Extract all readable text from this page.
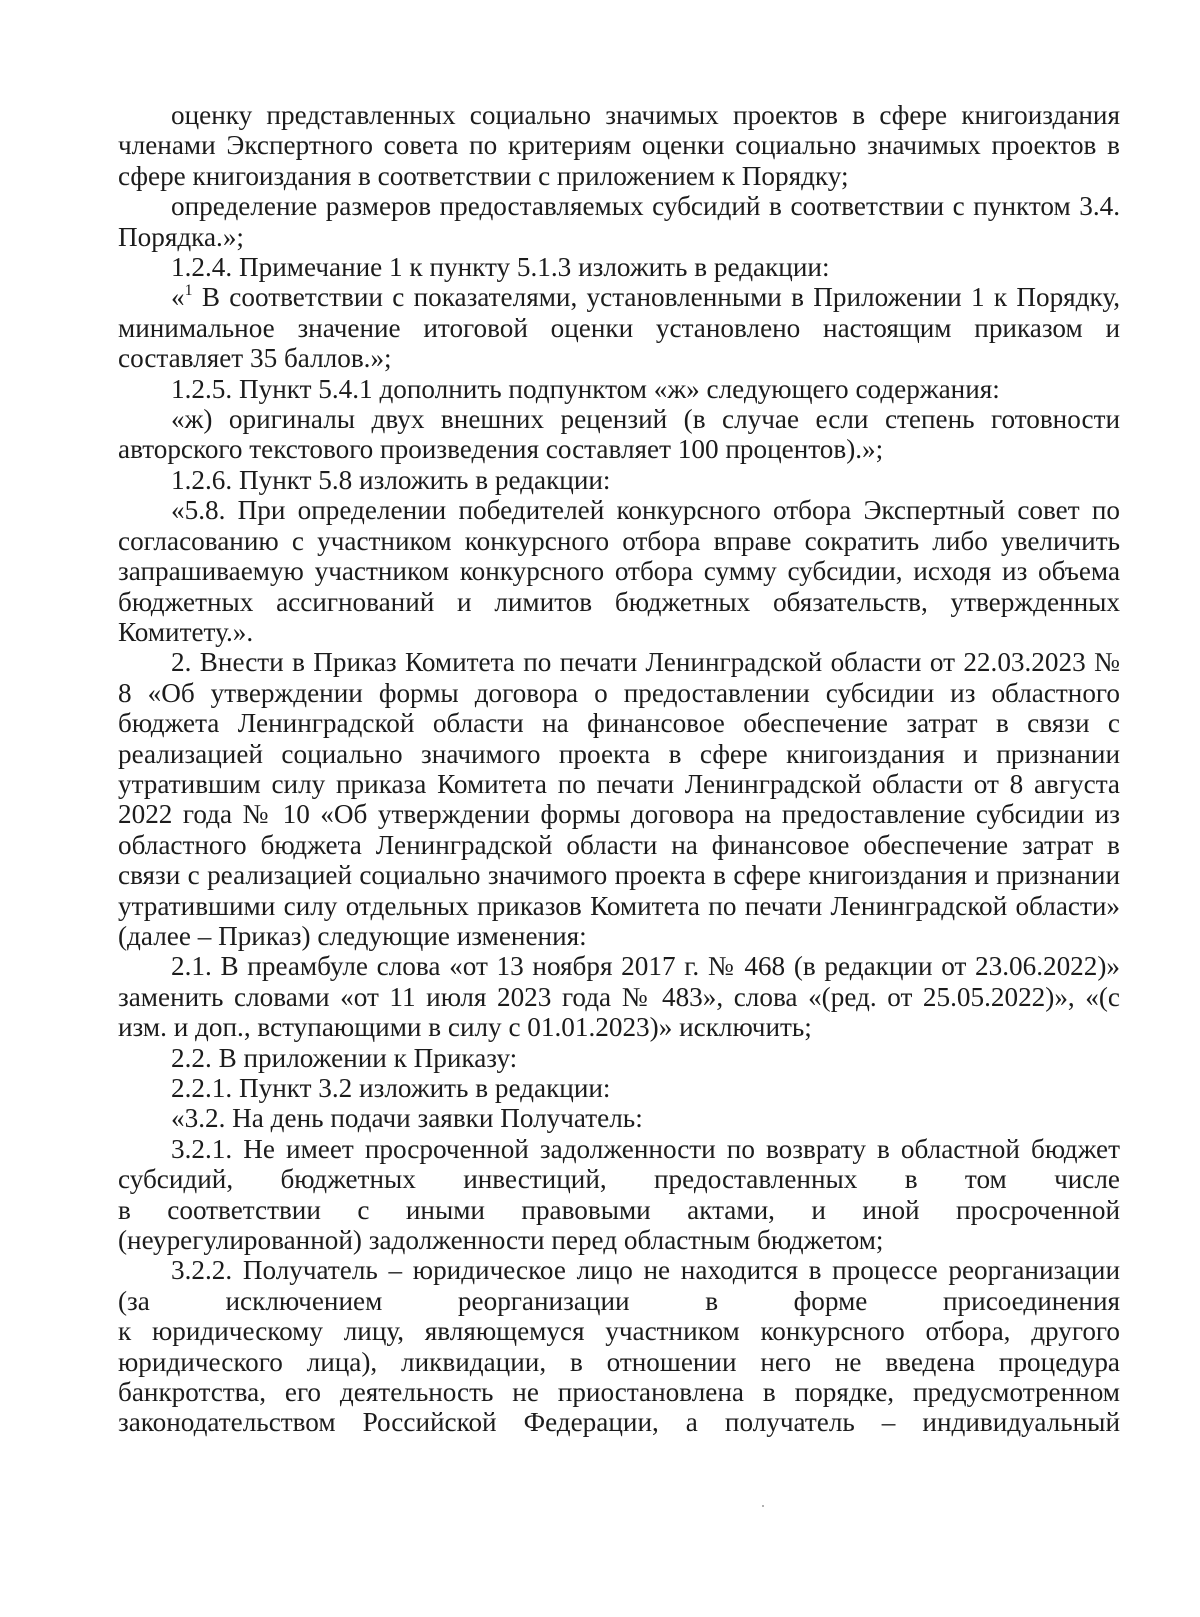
оценку представленных социально значимых проектов в сфере книгоиздания членами Экспертного совета по критериям оценки социально значимых проектов в сфере книгоиздания в соответствии с приложением к Порядку;

определение размеров предоставляемых субсидий в соответствии с пунктом 3.4. Порядка.»;

1.2.4. Примечание 1 к пункту 5.1.3 изложить в редакции:

«$^1$ В соответствии с показателями, установленными в Приложении 1 к Порядку, минимальное значение итоговой оценки установлено настоящим приказом и составляет 35 баллов.»;

1.2.5. Пункт 5.4.1 дополнить подпунктом «ж» следующего содержания:

«ж) оригиналы двух внешних рецензий (в случае если степень готовности авторского текстового произведения составляет 100 процентов).»;

1.2.6. Пункт 5.8 изложить в редакции:

«5.8. При определении победителей конкурсного отбора Экспертный совет по согласованию с участником конкурсного отбора вправе сократить либо увеличить запрашиваемую участником конкурсного отбора сумму субсидии, исходя из объема бюджетных ассигнований и лимитов бюджетных обязательств, утвержденных Комитету.».

2. Внести в Приказ Комитета по печати Ленинградской области от 22.03.2023 № 8 «Об утверждении формы договора о предоставлении субсидии из областного бюджета Ленинградской области на финансовое обеспечение затрат в связи с реализацией социально значимого проекта в сфере книгоиздания и признании утратившим силу приказа Комитета по печати Ленинградской области от 8 августа 2022 года № 10 «Об утверждении формы договора на предоставление субсидии из областного бюджета Ленинградской области на финансовое обеспечение затрат в связи с реализацией социально значимого проекта в сфере книгоиздания и признании утратившими силу отдельных приказов Комитета по печати Ленинградской области» (далее – Приказ) следующие изменения:

2.1. В преамбуле слова «от 13 ноября 2017 г. № 468 (в редакции от 23.06.2022)» заменить словами «от 11 июля 2023 года № 483», слова «(ред. от 25.05.2022)», «(с изм. и доп., вступающими в силу с 01.01.2023)» исключить;

2.2. В приложении к Приказу:

2.2.1. Пункт 3.2 изложить в редакции:

«3.2. На день подачи заявки Получатель:

3.2.1. Не имеет просроченной задолженности по возврату в областной бюджет
субсидий, бюджетных инвестиций, предоставленных в том числе
в соответствии с иными правовыми актами, и иной просроченной
(неурегулированной) задолженности перед областным бюджетом;

3.2.2. Получатель – юридическое лицо не находится в процессе реорганизации
(за исключением реорганизации в форме присоединения
к юридическому лицу, являющемуся участником конкурсного отбора, другого
юридического лица), ликвидации, в отношении него не введена процедура
банкротства, его деятельность не приостановлена в порядке, предусмотренном
законодательством Российской Федерации, а получатель – индивидуальный
